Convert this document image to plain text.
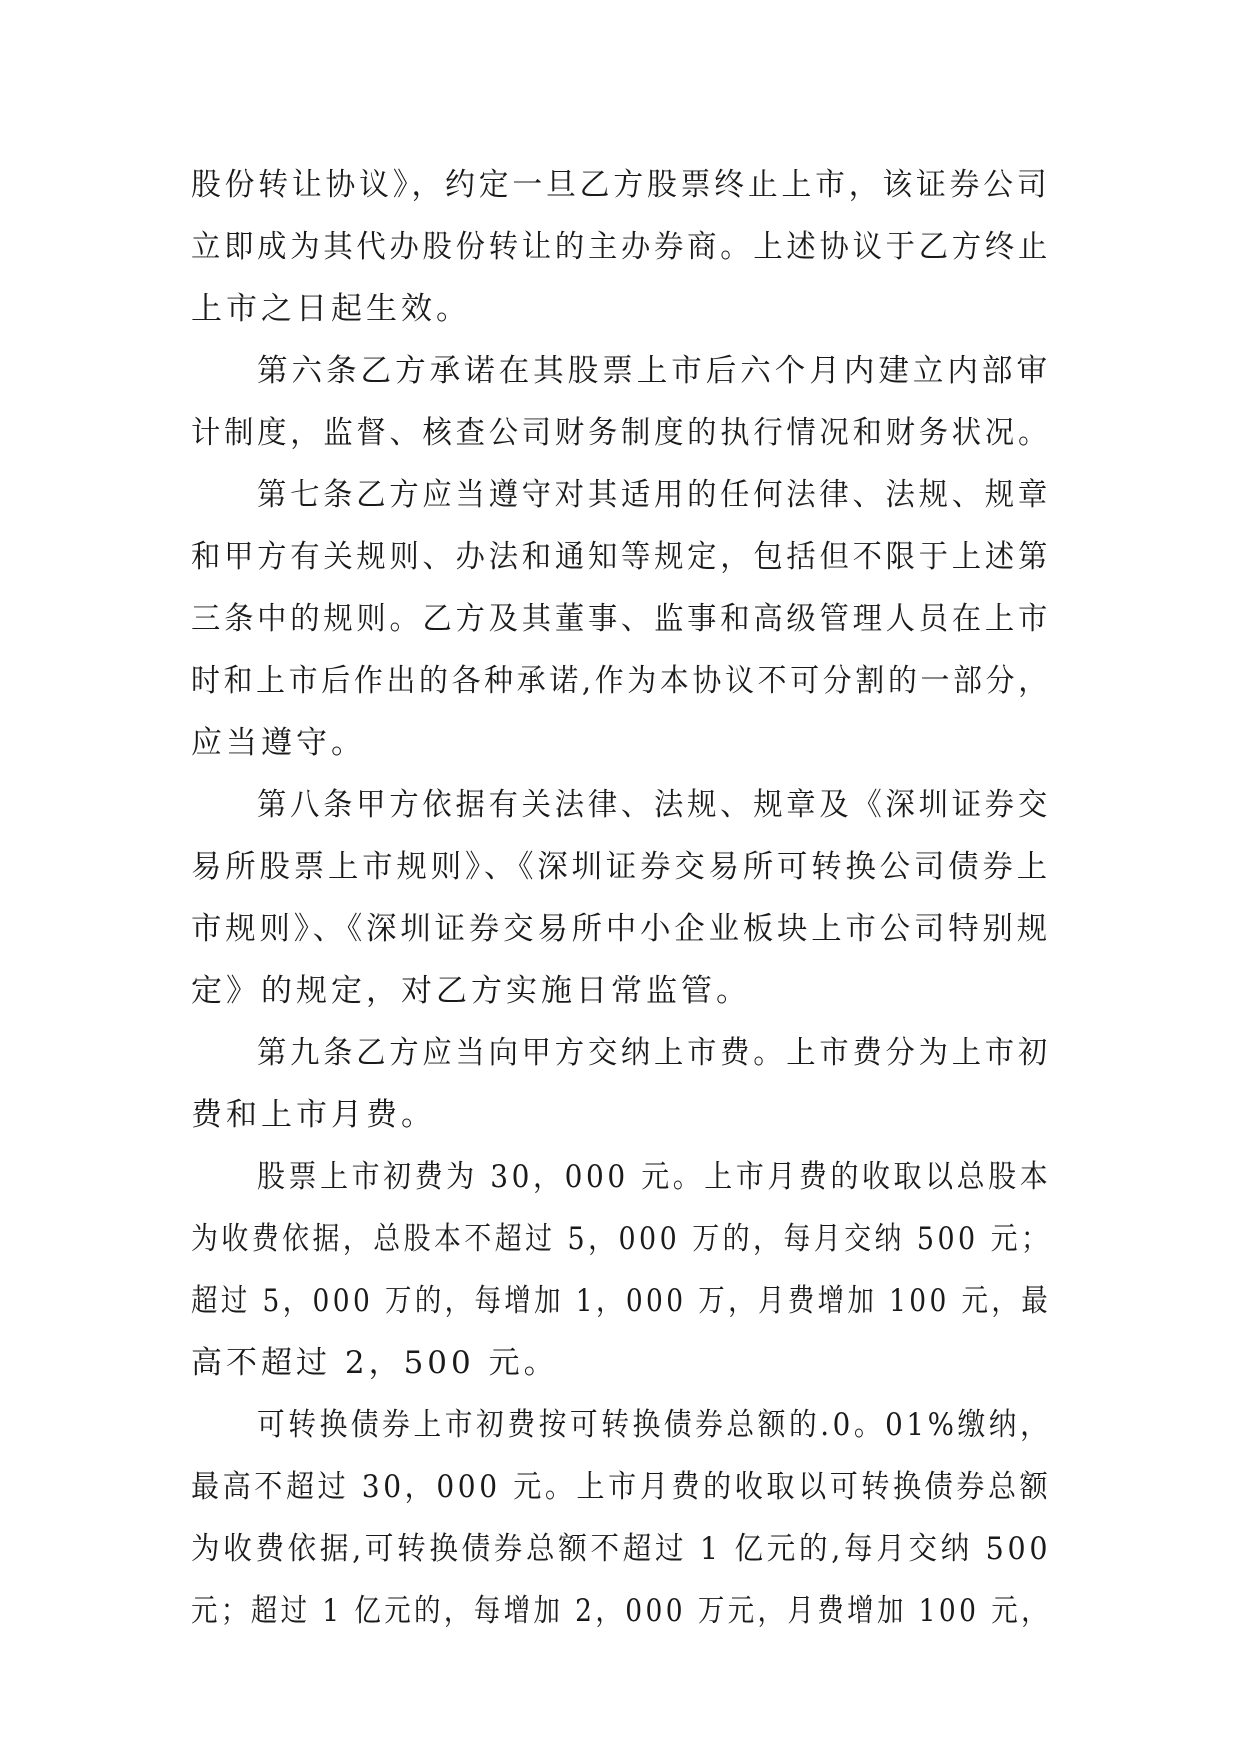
股份转让协议》，约定一旦乙方股票终止上市，该证券公司
立即成为其代办股份转让的主办券商。上述协议于乙方终止
上市之日起生效。
第六条乙方承诺在其股票上市后六个月内建立内部审
计制度，监督、核查公司财务制度的执行情况和财务状况。
第七条乙方应当遵守对其适用的任何法律、法规、规章
和甲方有关规则、办法和通知等规定，包括但不限于上述第
三条中的规则。乙方及其董事、监事和高级管理人员在上市
时和上市后作出的各种承诺,作为本协议不可分割的一部分，
应当遵守。
第八条甲方依据有关法律、法规、规章及《深圳证券交
易所股票上市规则》、《深圳证券交易所可转换公司债券上
市规则》、《深圳证券交易所中小企业板块上市公司特别规
定》的规定，对乙方实施日常监管。
第九条乙方应当向甲方交纳上市费。上市费分为上市初
费和上市月费。
股票上市初费为 30，000 元。上市月费的收取以总股本
为收费依据，总股本不超过 5，000 万的，每月交纳 500 元；
超过 5，000 万的，每增加 1，000 万，月费增加 100 元，最
高不超过 2，500 元。
可转换债券上市初费按可转换债券总额的.0。01%缴纳，
最高不超过 30，000 元。上市月费的收取以可转换债券总额
为收费依据,可转换债券总额不超过 1 亿元的,每月交纳 500
元；超过 1 亿元的，每增加 2，000 万元，月费增加 100 元，
